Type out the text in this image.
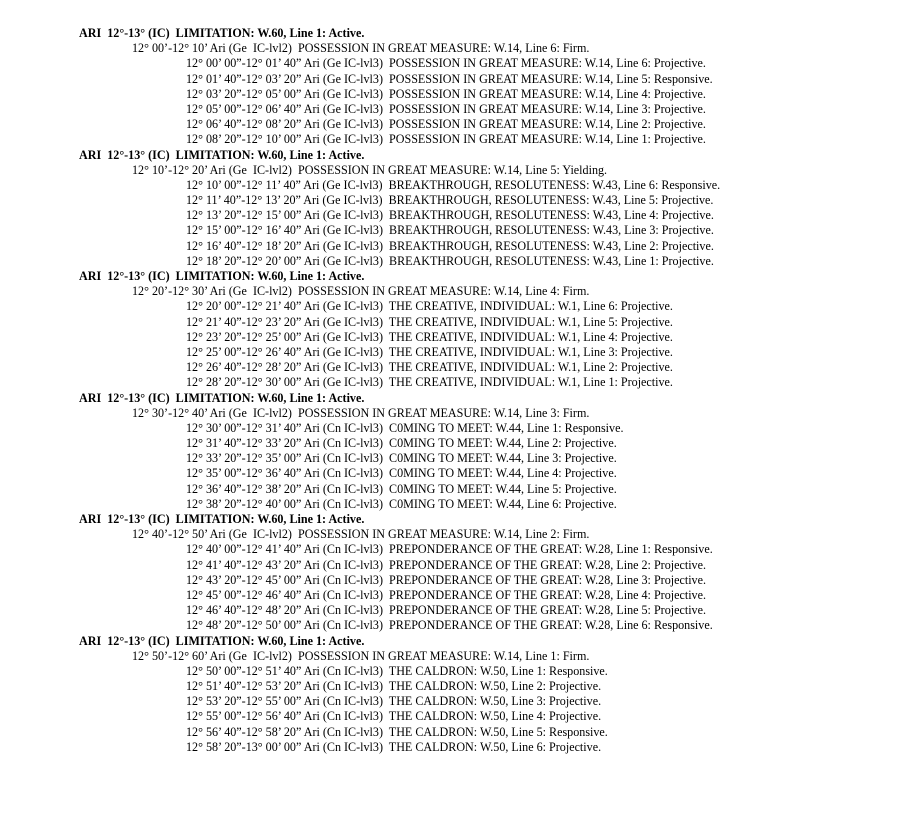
ARI  12°-13° (IC)  LIMITATION: W.60, Line 1: Active.
12° 00’-12° 10’ Ari (Ge  IC-lvl2)  POSSESSION IN GREAT MEASURE: W.14, Line 6: Firm.
12° 00’ 00”-12° 01’ 40” Ari (Ge IC-lvl3)  POSSESSION IN GREAT MEASURE: W.14, Line 6: Projective.
12° 01’ 40”-12° 03’ 20” Ari (Ge IC-lvl3)  POSSESSION IN GREAT MEASURE: W.14, Line 5: Responsive.
12° 03’ 20”-12° 05’ 00” Ari (Ge IC-lvl3)  POSSESSION IN GREAT MEASURE: W.14, Line 4: Projective.
12° 05’ 00”-12° 06’ 40” Ari (Ge IC-lvl3)  POSSESSION IN GREAT MEASURE: W.14, Line 3: Projective.
12° 06’ 40”-12° 08’ 20” Ari (Ge IC-lvl3)  POSSESSION IN GREAT MEASURE: W.14, Line 2: Projective.
12° 08’ 20”-12° 10’ 00” Ari (Ge IC-lvl3)  POSSESSION IN GREAT MEASURE: W.14, Line 1: Projective.
ARI  12°-13° (IC)  LIMITATION: W.60, Line 1: Active.
12° 10’-12° 20’ Ari (Ge  IC-lvl2)  POSSESSION IN GREAT MEASURE: W.14, Line 5: Yielding.
12° 10’ 00”-12° 11’ 40” Ari (Ge IC-lvl3)  BREAKTHROUGH, RESOLUTENESS: W.43, Line 6: Responsive.
12° 11’ 40”-12° 13’ 20” Ari (Ge IC-lvl3)  BREAKTHROUGH, RESOLUTENESS: W.43, Line 5: Projective.
12° 13’ 20”-12° 15’ 00” Ari (Ge IC-lvl3)  BREAKTHROUGH, RESOLUTENESS: W.43, Line 4: Projective.
12° 15’ 00”-12° 16’ 40” Ari (Ge IC-lvl3)  BREAKTHROUGH, RESOLUTENESS: W.43, Line 3: Projective.
12° 16’ 40”-12° 18’ 20” Ari (Ge IC-lvl3)  BREAKTHROUGH, RESOLUTENESS: W.43, Line 2: Projective.
12° 18’ 20”-12° 20’ 00” Ari (Ge IC-lvl3)  BREAKTHROUGH, RESOLUTENESS: W.43, Line 1: Projective.
ARI  12°-13° (IC)  LIMITATION: W.60, Line 1: Active.
12° 20’-12° 30’ Ari (Ge  IC-lvl2)  POSSESSION IN GREAT MEASURE: W.14, Line 4: Firm.
12° 20’ 00”-12° 21’ 40” Ari (Ge IC-lvl3)  THE CREATIVE, INDIVIDUAL: W.1, Line 6: Projective.
12° 21’ 40”-12° 23’ 20” Ari (Ge IC-lvl3)  THE CREATIVE, INDIVIDUAL: W.1, Line 5: Projective.
12° 23’ 20”-12° 25’ 00” Ari (Ge IC-lvl3)  THE CREATIVE, INDIVIDUAL: W.1, Line 4: Projective.
12° 25’ 00”-12° 26’ 40” Ari (Ge IC-lvl3)  THE CREATIVE, INDIVIDUAL: W.1, Line 3: Projective.
12° 26’ 40”-12° 28’ 20” Ari (Ge IC-lvl3)  THE CREATIVE, INDIVIDUAL: W.1, Line 2: Projective.
12° 28’ 20”-12° 30’ 00” Ari (Ge IC-lvl3)  THE CREATIVE, INDIVIDUAL: W.1, Line 1: Projective.
ARI  12°-13° (IC)  LIMITATION: W.60, Line 1: Active.
12° 30’-12° 40’ Ari (Ge  IC-lvl2)  POSSESSION IN GREAT MEASURE: W.14, Line 3: Firm.
12° 30’ 00”-12° 31’ 40” Ari (Cn IC-lvl3)  C0MING TO MEET: W.44, Line 1: Responsive.
12° 31’ 40”-12° 33’ 20” Ari (Cn IC-lvl3)  C0MING TO MEET: W.44, Line 2: Projective.
12° 33’ 20”-12° 35’ 00” Ari (Cn IC-lvl3)  C0MING TO MEET: W.44, Line 3: Projective.
12° 35’ 00”-12° 36’ 40” Ari (Cn IC-lvl3)  C0MING TO MEET: W.44, Line 4: Projective.
12° 36’ 40”-12° 38’ 20” Ari (Cn IC-lvl3)  C0MING TO MEET: W.44, Line 5: Projective.
12° 38’ 20”-12° 40’ 00” Ari (Cn IC-lvl3)  C0MING TO MEET: W.44, Line 6: Projective.
ARI  12°-13° (IC)  LIMITATION: W.60, Line 1: Active.
12° 40’-12° 50’ Ari (Ge  IC-lvl2)  POSSESSION IN GREAT MEASURE: W.14, Line 2: Firm.
12° 40’ 00”-12° 41’ 40” Ari (Cn IC-lvl3)  PREPONDERANCE OF THE GREAT: W.28, Line 1: Responsive.
12° 41’ 40”-12° 43’ 20” Ari (Cn IC-lvl3)  PREPONDERANCE OF THE GREAT: W.28, Line 2: Projective.
12° 43’ 20”-12° 45’ 00” Ari (Cn IC-lvl3)  PREPONDERANCE OF THE GREAT: W.28, Line 3: Projective.
12° 45’ 00”-12° 46’ 40” Ari (Cn IC-lvl3)  PREPONDERANCE OF THE GREAT: W.28, Line 4: Projective.
12° 46’ 40”-12° 48’ 20” Ari (Cn IC-lvl3)  PREPONDERANCE OF THE GREAT: W.28, Line 5: Projective.
12° 48’ 20”-12° 50’ 00” Ari (Cn IC-lvl3)  PREPONDERANCE OF THE GREAT: W.28, Line 6: Responsive.
ARI  12°-13° (IC)  LIMITATION: W.60, Line 1: Active.
12° 50’-12° 60’ Ari (Ge  IC-lvl2)  POSSESSION IN GREAT MEASURE: W.14, Line 1: Firm.
12° 50’ 00”-12° 51’ 40” Ari (Cn IC-lvl3)  THE CALDRON: W.50, Line 1: Responsive.
12° 51’ 40”-12° 53’ 20” Ari (Cn IC-lvl3)  THE CALDRON: W.50, Line 2: Projective.
12° 53’ 20”-12° 55’ 00” Ari (Cn IC-lvl3)  THE CALDRON: W.50, Line 3: Projective.
12° 55’ 00”-12° 56’ 40” Ari (Cn IC-lvl3)  THE CALDRON: W.50, Line 4: Projective.
12° 56’ 40”-12° 58’ 20” Ari (Cn IC-lvl3)  THE CALDRON: W.50, Line 5: Responsive.
12° 58’ 20”-13° 00’ 00” Ari (Cn IC-lvl3)  THE CALDRON: W.50, Line 6: Projective.
